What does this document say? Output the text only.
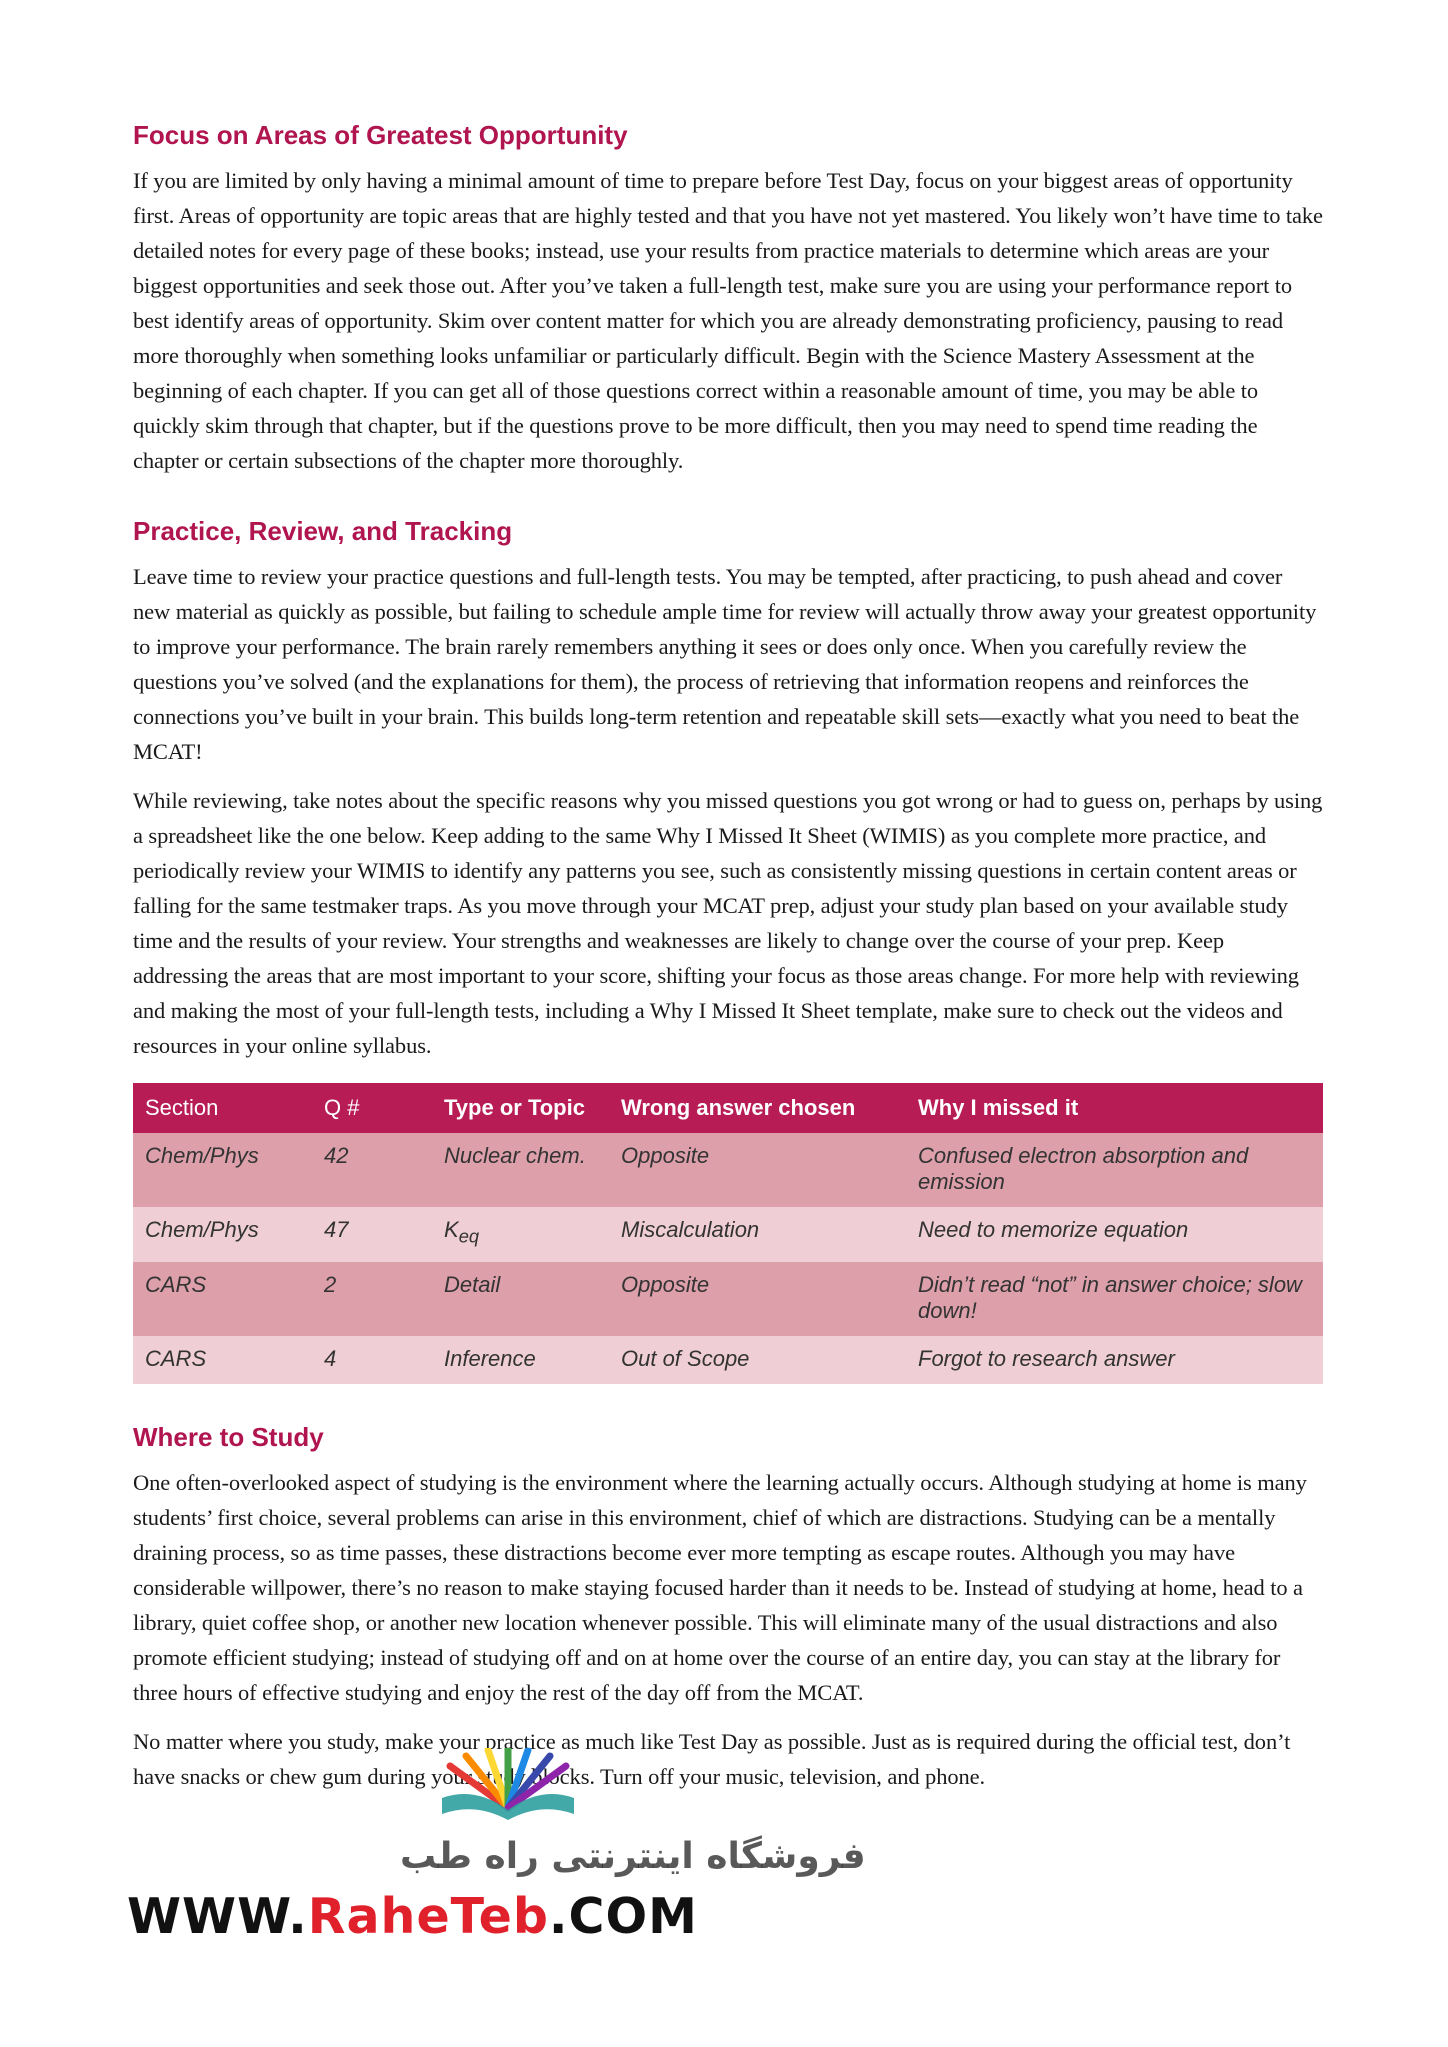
Focus on Areas of Greatest Opportunity

If you are limited by only having a minimal amount of time to prepare before Test Day, focus on your biggest areas of opportunity first. Areas of opportunity are topic areas that are highly tested and that you have not yet mastered. You likely won’t have time to take detailed notes for every page of these books; instead, use your results from practice materials to determine which areas are your biggest opportunities and seek those out. After you’ve taken a full-length test, make sure you are using your performance report to best identify areas of opportunity. Skim over content matter for which you are already demonstrating proficiency, pausing to read more thoroughly when something looks unfamiliar or particularly difficult. Begin with the Science Mastery Assessment at the beginning of each chapter. If you can get all of those questions correct within a reasonable amount of time, you may be able to quickly skim through that chapter, but if the questions prove to be more difficult, then you may need to spend time reading the chapter or certain subsections of the chapter more thoroughly.

Practice, Review, and Tracking

Leave time to review your practice questions and full-length tests. You may be tempted, after practicing, to push ahead and cover new material as quickly as possible, but failing to schedule ample time for review will actually throw away your greatest opportunity to improve your performance. The brain rarely remembers anything it sees or does only once. When you carefully review the questions you’ve solved (and the explanations for them), the process of retrieving that information reopens and reinforces the connections you’ve built in your brain. This builds long-term retention and repeatable skill sets—exactly what you need to beat the MCAT!

While reviewing, take notes about the specific reasons why you missed questions you got wrong or had to guess on, perhaps by using a spreadsheet like the one below. Keep adding to the same Why I Missed It Sheet (WIMIS) as you complete more practice, and periodically review your WIMIS to identify any patterns you see, such as consistently missing questions in certain content areas or falling for the same testmaker traps. As you move through your MCAT prep, adjust your study plan based on your available study time and the results of your review. Your strengths and weaknesses are likely to change over the course of your prep. Keep addressing the areas that are most important to your score, shifting your focus as those areas change. For more help with reviewing and making the most of your full-length tests, including a Why I Missed It Sheet template, make sure to check out the videos and resources in your online syllabus.

Section	Q #	Type or Topic	Wrong answer chosen	Why I missed it
Chem/Phys	42	Nuclear chem.	Opposite	Confused electron absorption and emission
Chem/Phys	47	$K_{eq}$	Miscalculation	Need to memorize equation
CARS	2	Detail	Opposite	Didn’t read “not” in answer choice; slow down!
CARS	4	Inference	Out of Scope	Forgot to research answer
Where to Study

One often-overlooked aspect of studying is the environment where the learning actually occurs. Although studying at home is many students’ first choice, several problems can arise in this environment, chief of which are distractions. Studying can be a mentally draining process, so as time passes, these distractions become ever more tempting as escape routes. Although you may have considerable willpower, there’s no reason to make staying focused harder than it needs to be. Instead of studying at home, head to a library, quiet coffee shop, or another new location whenever possible. This will eliminate many of the usual distractions and also promote efficient studying; instead of studying off and on at home over the course of an entire day, you can stay at the library for three hours of effective studying and enjoy the rest of the day off from the MCAT.

No matter where you study, make your practice as much like Test Day as possible. Just as is required during the official test, don’t have snacks or chew gum during your study blocks. Turn off your music, television, and phone.

فروشگاه اینترنتی راه طب
WWW.RaheTeb.COM
